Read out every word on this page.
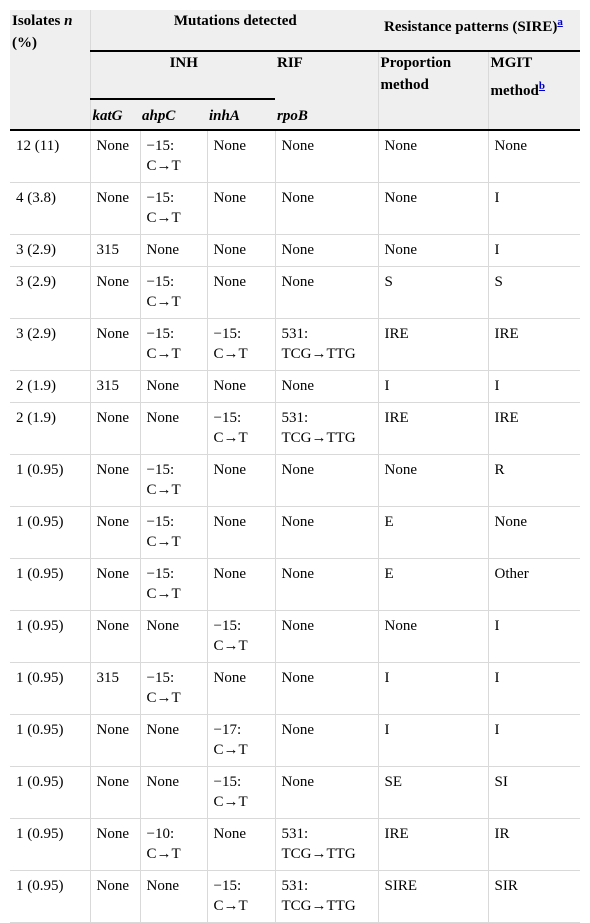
Isolates n
(%)	Mutations detected				Resistance patterns (SIRE)$^a$
	INH			RIF	Proportion method	MGIT method$^b$
	katG	ahpC	inhA	rpoB		
12 (11)	None	−15:
C→T	None	None	None	None
4 (3.8)	None	−15:
C→T	None	None	None	I
3 (2.9)	315	None	None	None	None	I
3 (2.9)	None	−15:
C→T	None	None	S	S
3 (2.9)	None	−15:
C→T	−15:
C→T	531:
TCG→TTG	IRE	IRE
2 (1.9)	315	None	None	None	I	I
2 (1.9)	None	None	−15:
C→T	531:
TCG→TTG	IRE	IRE
1 (0.95)	None	−15:
C→T	None	None	None	R
1 (0.95)	None	−15:
C→T	None	None	E	None
1 (0.95)	None	−15:
C→T	None	None	E	Other
1 (0.95)	None	None	−15:
C→T	None	None	I
1 (0.95)	315	−15:
C→T	None	None	I	I
1 (0.95)	None	None	−17:
C→T	None	I	I
1 (0.95)	None	None	−15:
C→T	None	SE	SI
1 (0.95)	None	−10:
C→T	None	531:
TCG→TTG	IRE	IR
1 (0.95)	None	None	−15:
C→T	531:
TCG→TTG	SIRE	SIR
